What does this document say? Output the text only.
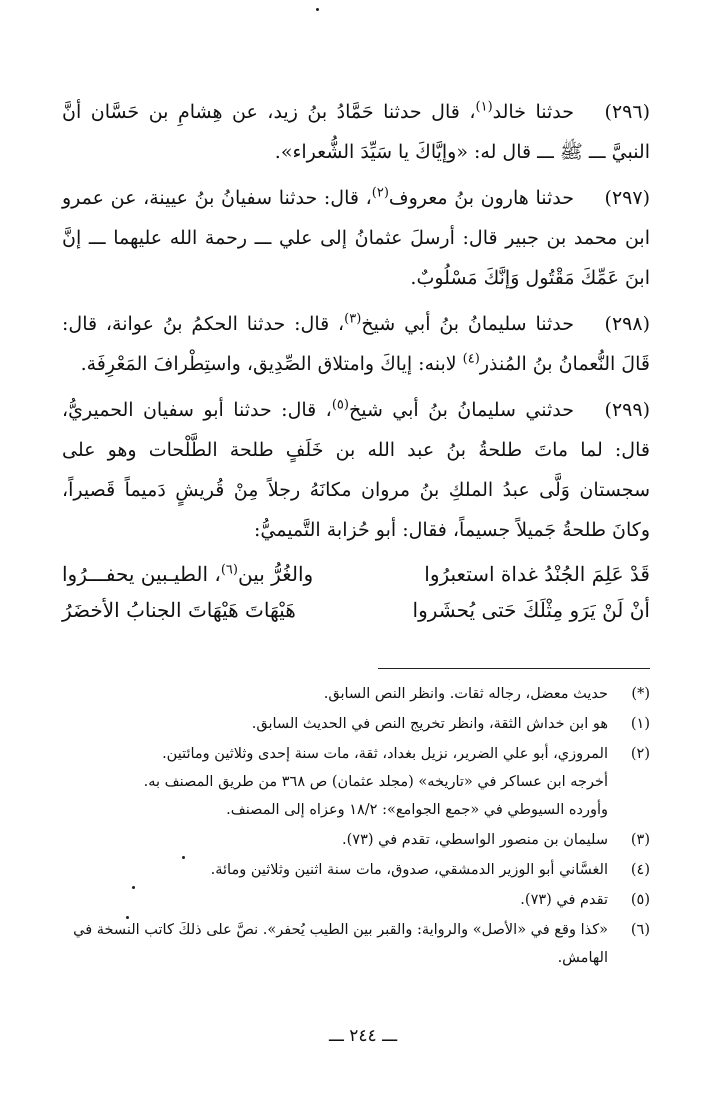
(٢٩٦)
حدثنا خالد$^{(١)}$، قال حدثنا حَمَّادُ بنُ زيد، عن هِشامِ بن حَسَّان أنَّ النبيَّ ـــ ﷺ ـــ قال له: «وإيَّاكَ يا سَيِّدَ الشُّعراء».
(٢٩٧)
حدثنا هارون بنُ معروف$^{(٢)}$، قال: حدثنا سفيانُ بنُ عيينة، عن عمرو ابن محمد بن جبير قال: أرسلَ عثمانُ إلى علي ـــ رحمة الله عليهما ـــ إنَّ ابنَ عَمِّكَ مَقْتُول وَإنَّكَ مَسْلُوبٌ.
(٢٩٨)
حدثنا سليمانُ بنُ أبي شيخ$^{(٣)}$، قال: حدثنا الحكمُ بنُ عوانة، قال: قَالَ النُّعمانُ بنُ المُنذر$^{(٤)}$ لابنه: إياكَ وامتلاق الصِّدِيق، واستِطْرافَ المَعْرِفَة.
(٢٩٩)
حدثني سليمانُ بنُ أبي شيخ$^{(٥)}$، قال: حدثنا أبو سفيان الحميريُّ، قال: لما ماتَ طلحةُ بنُ عبد الله بن خَلَفٍ طلحة الطَّلْحات وهو على سجستان وَلَّى عبدُ الملكِ بنُ مروان مكانَهُ رجلاً مِنْ قُريشٍ دَميماً قَصيراً، وكانَ طلحةُ جَميلاً جسيماً، فقال: أبو حُزابة التَّميميُّ:
قَدْ عَلِمَ الجُنْدُ غداة استعبرُوا
والغُرُّ بين$^{(٦)}$، الطيـبين يحفـــرُوا
أنْ لَنْ يَرَو مِثْلَكَ حَتى يُحشَروا
هَيْهَاتَ هَيْهَاتَ الجنابُ الأخضَرُ
(*)
حديث معضل، رجاله ثقات. وانظر النص السابق.
(١)
هو ابن خداش الثقة، وانظر تخريج النص في الحديث السابق.
(٢)
المروزي، أبو علي الضرير، نزيل بغداد، ثقة، مات سنة إحدى وثلاثين ومائتين.
أخرجه ابن عساكر في «تاريخه» (مجلد عثمان) ص ٣٦٨ من طريق المصنف به.
وأورده السيوطي في «جمع الجوامع»: ١٨/٢ وعزاه إلى المصنف.
(٣)
سليمان بن منصور الواسطي، تقدم في (٧٣).
(٤)
الغسَّاني أبو الوزير الدمشقي، صدوق، مات سنة اثنين وثلاثين ومائة.
(٥)
تقدم في (٧٣).
(٦)
«كذا وقع في «الأصل» والرواية: والقبر بين الطيب يُحفر». نصَّ على ذلكَ كاتب النسخة في الهامش.
ـــ ٢٤٤ ـــ
